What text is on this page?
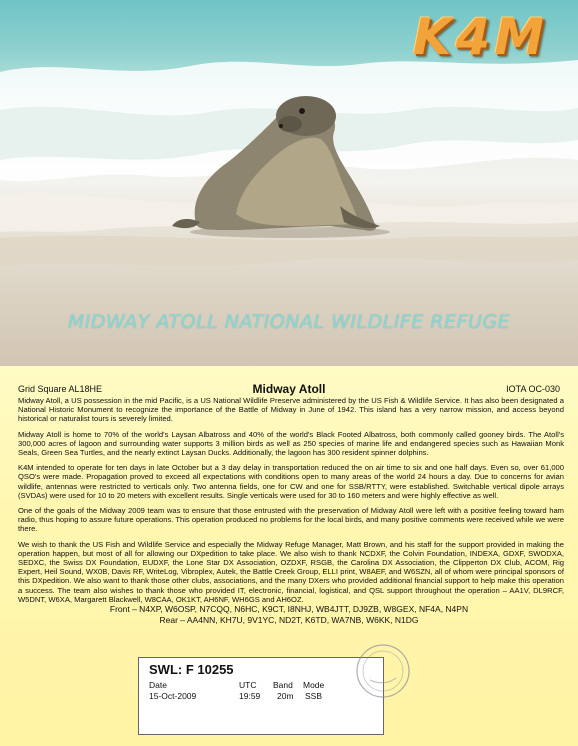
K4M
MIDWAY ATOLL NATIONAL WILDLIFE REFUGE
Grid Square AL18HE	Midway Atoll	IOTA OC-030

Midway Atoll, a US possession in the mid Pacific, is a US National Wildlife Preserve administered by the US Fish & Wildlife Service. It has also been designated a National Historic Monument to recognize the importance of the Battle of Midway in June of 1942. This island has a very narrow mission, and access beyond historical or naturalist tours is severely limited.

Midway Atoll is home to 70% of the world's Laysan Albatross and 40% of the world's Black Footed Albatross, both commonly called gooney birds. The Atoll's 300,000 acres of lagoon and surrounding water supports 3 million birds as well as 250 species of marine life and endangered species such as Hawaiian Monk Seals, Green Sea Turtles, and the nearly extinct Laysan Ducks. Additionally, the lagoon has 300 resident spinner dolphins.

K4M intended to operate for ten days in late October but a 3 day delay in transportation reduced the on air time to six and one half days. Even so, over 61,000 QSO's were made. Propagation proved to exceed all expectations with conditions open to many areas of the world 24 hours a day. Due to concerns for avian wildlife, antennas were restricted to verticals only. Two antenna fields, one for CW and one for SSB/RTTY, were established. Switchable vertical dipole arrays (SVDAs) were used for 10 to 20 meters with excellent results. Single verticals were used for 30 to 160 meters and were highly effective as well.

One of the goals of the Midway 2009 team was to ensure that those entrusted with the preservation of Midway Atoll were left with a positive feeling toward ham radio, thus hoping to assure future operations. This operation produced no problems for the local birds, and many positive comments were received while we were there.

We wish to thank the US Fish and Wildlife Service and especially the Midway Refuge Manager, Matt Brown, and his staff for the support provided in making the operation happen, but most of all for allowing our DXpedition to take place. We also wish to thank NCDXF, the Colvin Foundation, INDEXA, GDXF, SWODXA, SEDXC, the Swiss DX Foundation, EUDXF, the Lone Star DX Association, OZDXF, RSGB, the Carolina DX Association, the Clipperton DX Club, ACOM, Rig Expert, Heil Sound, WX0B, Davis RF, WriteLog, Vibroplex, Autek, the Battle Creek Group, ELLI print, W8AEF, and W6SZN, all of whom were principal sponsors of this DXpedition. We also want to thank those other clubs, associations, and the many DXers who provided additional financial support to help make this operation a success. The team also wishes to thank those who provided IT, electronic, financial, logistical, and QSL support throughout the operation – AA1V, DL9RCF, W5DNT, W6XA, Margarett Blackwell, W8CAA, OK1KT, AH6NF, WH6GS and AH6OZ.

Front – N4XP, W6OSP, N7CQQ, N6HC, K9CT, I8NHJ, WB4JTT, DJ9ZB, W8GEX, NF4A, N4PN
Rear – AA4NN, KH7U, 9V1YC, ND2T, K6TD, WA7NB, W6KK, N1DG
SWL: F 10255
Date	UTC Band Mode
15-Oct-2009	19:59 20m SSB
